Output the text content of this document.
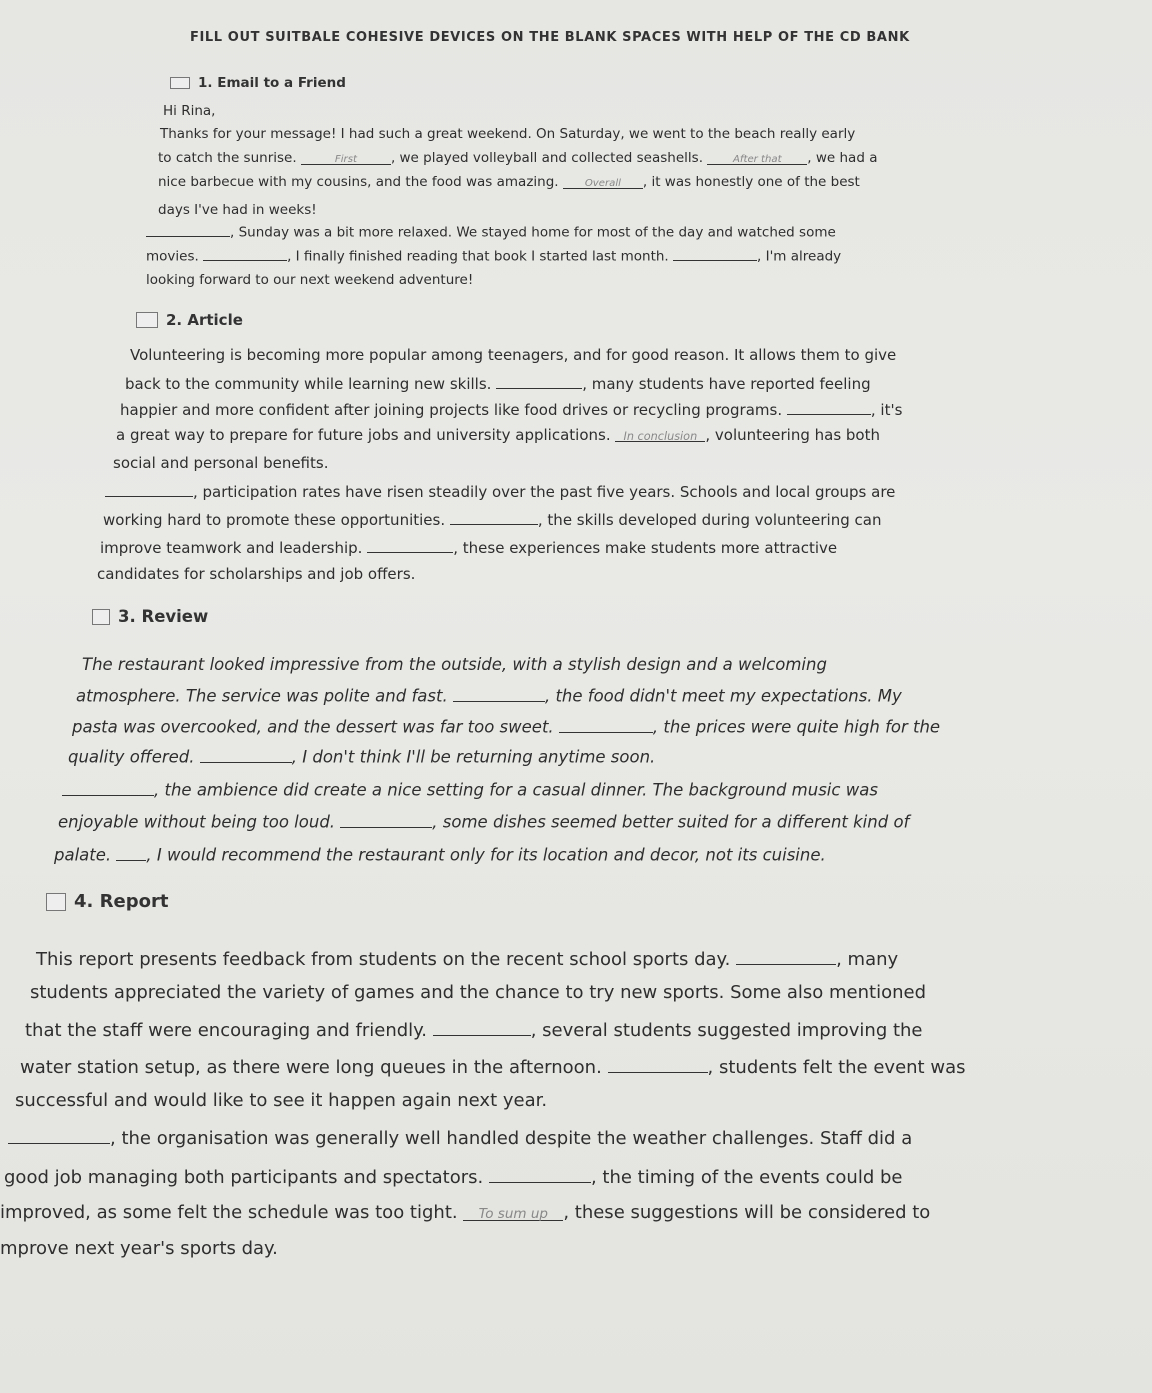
FILL OUT SUITBALE COHESIVE DEVICES ON THE BLANK SPACES WITH HELP OF THE CD BANK
1. Email to a Friend
Hi Rina,
Thanks for your message! I had such a great weekend. On Saturday, we went to the beach really early
to catch the sunrise.	First	, we played volleyball and collected seashells.	After that , we had a
nice barbecue with my cousins, and the food was amazing.	Overall , it was honestly one of the best
days I've had in weeks!
, Sunday was a bit more relaxed. We stayed home for most of the day and watched some
movies.	, I finally finished reading that book I started last month.	, I'm already
looking forward to our next weekend adventure!
2. Article
Volunteering is becoming more popular among teenagers, and for good reason. It allows them to give
back to the community while learning new skills.	, many students have reported feeling
happier and more confident after joining projects like food drives or recycling programs.	, it's
a great way to prepare for future jobs and university applications. In conclusion , volunteering has both
social and personal benefits.
, participation rates have risen steadily over the past five years. Schools and local groups are
working hard to promote these opportunities.	, the skills developed during volunteering can
improve teamwork and leadership.	, these experiences make students more attractive
candidates for scholarships and job offers.
3. Review
The restaurant looked impressive from the outside, with a stylish design and a welcoming
atmosphere. The service was polite and fast.	, the food didn't meet my expectations. My
pasta was overcooked, and the dessert was far too sweet.	, the prices were quite high for the
quality offered.	, I don't think I'll be returning anytime soon.
, the ambience did create a nice setting for a casual dinner. The background music was
enjoyable without being too loud.	, some dishes seemed better suited for a different kind of
palate. , I would recommend the restaurant only for its location and decor, not its cuisine.
4. Report
This report presents feedback from students on the recent school sports day.	, many
students appreciated the variety of games and the chance to try new sports. Some also mentioned
that the staff were encouraging and friendly.	, several students suggested improving the
water station setup, as there were long queues in the afternoon.	, students felt the event was
successful and would like to see it happen again next year.
, the organisation was generally well handled despite the weather challenges. Staff did a
good job managing both participants and spectators.	, the timing of the events could be
improved, as some felt the schedule was too tight. To sum up , these suggestions will be considered to
mprove next year's sports day.
